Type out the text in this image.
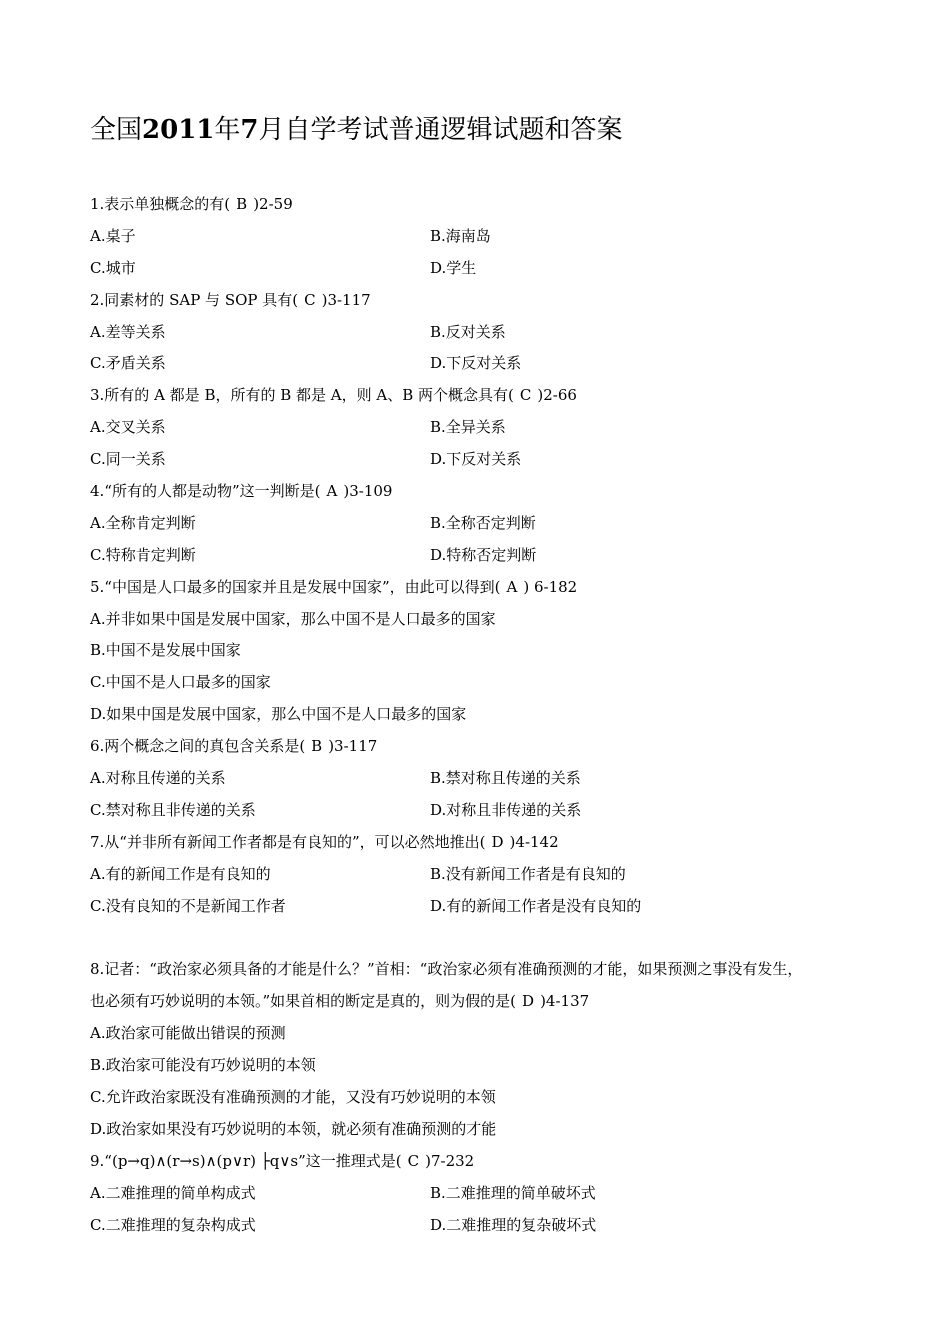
全国2011年7月自学考试普通逻辑试题和答案
1.表示单独概念的有( B )2-59
A.桌子	B.海南岛
C.城市	D.学生
2.同素材的 SAP 与 SOP 具有( C )3-117
A.差等关系	B.反对关系
C.矛盾关系	D.下反对关系
3.所有的 A 都是 B，所有的 B 都是 A，则 A、B 两个概念具有( C )2-66
A.交叉关系	B.全异关系
C.同一关系	D.下反对关系
4.“所有的人都是动物”这一判断是( A )3-109
A.全称肯定判断	B.全称否定判断
C.特称肯定判断	D.特称否定判断
5.“中国是人口最多的国家并且是发展中国家”，由此可以得到( A ) 6-182
A.并非如果中国是发展中国家，那么中国不是人口最多的国家
B.中国不是发展中国家
C.中国不是人口最多的国家
D.如果中国是发展中国家，那么中国不是人口最多的国家
6.两个概念之间的真包含关系是( B )3-117
A.对称且传递的关系	B.禁对称且传递的关系
C.禁对称且非传递的关系	D.对称且非传递的关系
7.从“并非所有新闻工作者都是有良知的”，可以必然地推出( D )4-142
A.有的新闻工作是有良知的	B.没有新闻工作者是有良知的
C.没有良知的不是新闻工作者	D.有的新闻工作者是没有良知的
8.记者：“政治家必须具备的才能是什么？”首相：“政治家必须有准确预测的才能，如果预测之事没有发生，
也必须有巧妙说明的本领。”如果首相的断定是真的，则为假的是( D )4-137
A.政治家可能做出错误的预测
B.政治家可能没有巧妙说明的本领
C.允许政治家既没有准确预测的才能，又没有巧妙说明的本领
D.政治家如果没有巧妙说明的本领，就必须有准确预测的才能
9.“(p→q)∧(r→s)∧(p∨r) ├q∨s”这一推理式是( C )7-232
A.二难推理的简单构成式	B.二难推理的简单破坏式
C.二难推理的复杂构成式	D.二难推理的复杂破坏式
